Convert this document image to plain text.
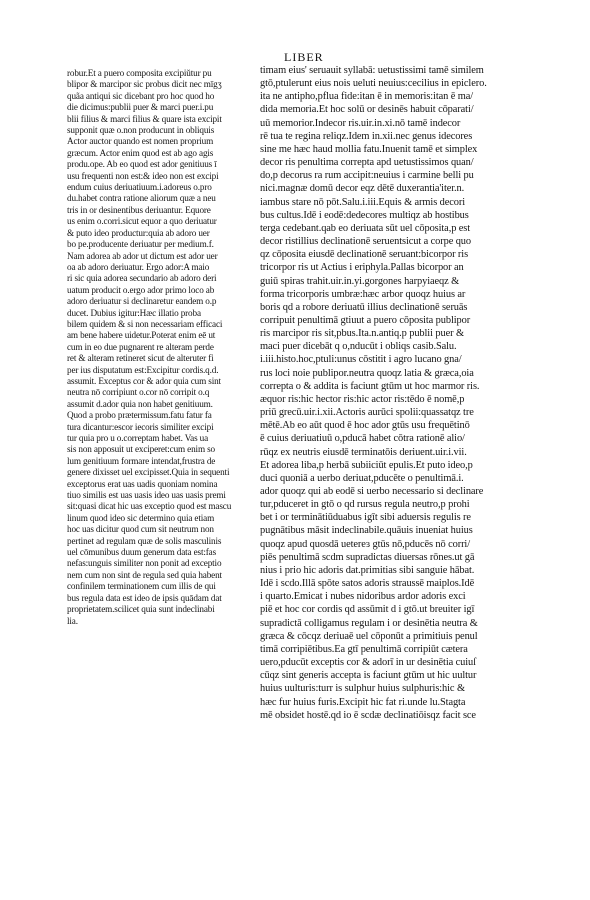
LIBER
robur.Et a puero composita excipiŭtur pu
blipor & marcipor sic probus dicit nec mīgʒ
quãa antiqui sic dicebant pro hoc quod ho
die dicimus:publii puer & marci puer.i.pu
blii filius & marci filius & quare ista excipit
supponit quæ o.non producunt in obliquis
Actor auctor quando est nomen proprium
græcum. Actor enim quod est ab ago agis
produ.ope. Ab eo quod est ador genitiuus ī
usu frequenti non est:& ideo non est excipi
endum cuius deriuatiuum.i.adoreus o.pro
du.habet contra ratione aliorum quæ a neu
tris in or desinentibus deriuantur. Equore
us enim o.corri.sicut equor a quo deriuatur
& puto ideo productur:quia ab adoro uer
bo pe.producente deriuatur per medium.f.
Nam adorea ab ador ut dictum est ador uer
oa ab adoro deriuatur. Ergo ador:A maio
ri sic quia adorea secundario ab adoro deri
uatum producit o.ergo ador primo loco ab
adoro deriuatur si declinaretur eandem o.p
ducet. Dubius igitur:Hæc illatio proba
bilem quidem & si non necessariam efficaci
am bene habere uidetur.Poterat enim eē ut
cum in eo due pugnarent re alteram perde
ret & alteram retineret sicut de alteruter fi
per ius disputatum est:Excipitur cordis.q.d.
assumit. Exceptus cor & ador quia cum sint
neutra nō corripiunt o.cor nō corripit o.q
assumit d.ador quia non habet genitiuum.
Quod a probo prætermissum.fatu fatur fa
tura dicantur:escor iecoris similiter excipi
tur quia pro u o.correptam habet. Vas ua
sis non apposuit ut exciperet:cum enim so
lum genitiuum formare intendat,frustra de
genere dixisset uel excipisset.Quia in sequenti
exceptorus erat uas uadis quoniam nomina
tiuo similis est uas uasis ideo uas uasis premi
sit:quasi dicat hic uas exceptio quod est mascu
linum quod ideo sic determino quia etiam
hoc uas dicitur quod cum sit neutrum non
pertinet ad regulam quæ de solis masculinis
uel cōmunibus duum generum data est:fas
nefas:unguis similiter non ponit ad exceptio
nem cum non sint de regula sed quia habent
confinilem terminationem cum illis de qui
bus regula data est ideo de ipsis quādam dat
proprietatem.scilicet quia sunt indeclinabi
lia.
timam eius' seruauit syllabā: uetustissimi tamē similem
gtō,ptulerunt eius nois ueluti neuius:cecilius in epiclero.
ita ne antipho,pflua fide:itan ē in memoris:itan ē ma/
dida memoria.Et hoc solū or desinēs habuit cōparati/
uū memorior.Indecor ris.uir.in.xi.nō tamē indecor
rē tua te regina reliqz.Idem in.xii.nec genus idecores
sine me hæc haud mollia fatu.Inuenit tamē et simplex
decor ris penultima correpta apd uetustissimos quan/
do,p decorus ra rum accipit:neuius i carmine belli pu
nici.magnæ domū decor eqz dētē duxerantia'iter.n.
iambus stare nō pōt.Salu.i.iii.Equis & armis decori
bus cultus.Idē i eodē:dedecores multiqz ab hostibus
terga cedebant.qab eo deriuata sūt uel cōposita,p est
decor ristillius declinationē seruentsicut a corpe quo
qz cōposita eiusdē declinationē seruant:bicorpor ris
tricorpor ris ut Actius i eriphyla.Pallas bicorpor an
guiū spiras trahit.uir.in.yi.gorgones harpyiaeqz &
forma tricorporis umbræ:hæc arbor quoqz huius ar
boris qd a robore deriuatū illius declinationē seruās
corripuit penultimā gtiuut a puero cōposita publipor
ris marcipor ris sit,pbus.Ita.n.antiq.p publii puer &
maci puer dicebāt q o,nducūt i obliqs casib.Salu.
i.iii.histo.hoc,ptuli:unus cōstitit i agro lucano gna/
rus loci noie publipor.neutra quoqz latia & græca,oia
correpta o & addita is faciunt gtūm ut hoc marmor ris.
æquor ris:hic hector ris:hic actor ris:tēdo ē nomē,p
priū grecū.uir.i.xii.Actoris aurūci spolii:quassatqz tre
mētē.Ab eo aūt quod ē hoc ador gtūs usu frequētinō
ē cuius deriuatiuū o,pducā habet cōtra rationē alio/
rūqz ex neutris eiusdē terminatōis deriuent.uir.i.vii.
Et adorea liba,p herbā subiiciūt epulis.Et puto ideo,p
duci quoniā a uerbo deriuat,pducēte o penultimā.i.
ador quoqz qui ab eodē si uerbo necessario si declinare
tur,pduceret in gtō o qd rursus regula neutro,p prohi
bet i or terminātiūduabus igīt sibi aduersis regulis re
pugnātibus māsit indeclinabile.quāuis inueniat huius
quoqz apud quosdā uetereɜ gtūs nō,pducēs nō corri/
piēs penultimā scdm supradictas diuersas rōnes.ut gā
nius i prio hic adoris dat.primitias sibi sanguie hābat.
Idē i scdo.Illā spōte satos adoris straussē maiplos.Idē
i quarto.Emicat i nubes nidoribus ardor adoris exci
piē et hoc cor cordis qd assūmit d i gtō.ut breuiter igī
supradictā colligamus regulam i or desinētia neutra &
græca & cōcqz deriuaē uel cōponūt a primitiuis penul
timā corripiētibus.Ea gtī penultimā corripiūt cætera
uero,pducūt exceptis cor & adorī in ur desinētia cuiuſ
cūqz sint generis accepta is faciunt gtūm ut hic uultur
huius uulturis:turr is sulphur huius sulphuris:hic &
hæc fur huius furis.Excipit hic fat ri.unde lu.Stagta
mē obsidet hostē.qd io ē scdæ declinatiōisqz facit sce
